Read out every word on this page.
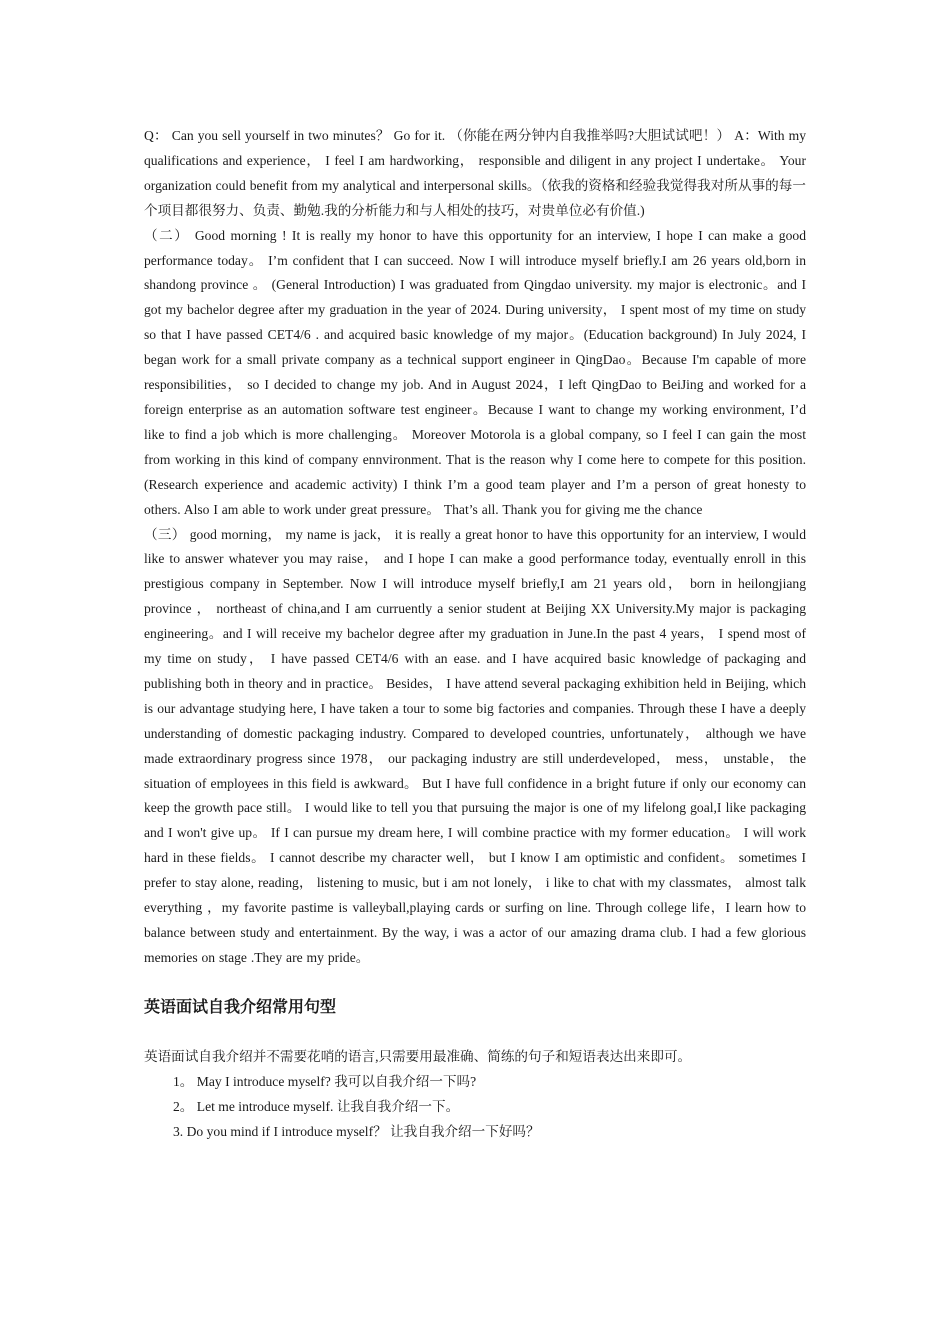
Q： Can you sell yourself in two minutes？ Go for it. （你能在两分钟内自我推举吗?大胆试试吧！） A：With my qualifications and experience， I feel I am hardworking， responsible and diligent in any project I undertake。 Your organization could benefit from my analytical and interpersonal skills。（依我的资格和经验我觉得我对所从事的每一个项目都很努力、负责、勤勉.我的分析能力和与人相处的技巧，对贵单位必有价值.)

（二） Good morning ! It is really my honor to have this opportunity for an interview, I hope I can make a good performance today。 I’m confident that I can succeed. Now I will introduce myself briefly.I am 26 years old,born in shandong province 。 (General Introduction) I was graduated from Qingdao university. my major is electronic。and I got my bachelor degree after my graduation in the year of 2024. During university， I spent most of my time on study so that I have passed CET4/6 . and acquired basic knowledge of my major。(Education background) In July 2024, I began work for a small private company as a technical support engineer in QingDao。Because I'm capable of more responsibilities， so I decided to change my job. And in August 2024，I left QingDao to BeiJing and worked for a foreign enterprise as an automation software test engineer。Because I want to change my working environment, I’d like to find a job which is more challenging。 Moreover Motorola is a global company, so I feel I can gain the most from working in this kind of company ennvironment. That is the reason why I come here to compete for this position. (Research experience and academic activity) I think I’m a good team player and I’m a person of great honesty to others. Also I am able to work under great pressure。 That’s all. Thank you for giving me the chance

（三） good morning， my name is jack， it is really a great honor to have this opportunity for an interview, I would like to answer whatever you may raise， and I hope I can make a good performance today, eventually enroll in this prestigious company in September. Now I will introduce myself briefly,I am 21 years old， born in heilongjiang province ， northeast of china,and I am curruently a senior student at Beijing XX University.My major is packaging engineering。and I will receive my bachelor degree after my graduation in June.In the past 4 years， I spend most of my time on study， I have passed CET4/6 with an ease. and I have acquired basic knowledge of packaging and publishing both in theory and in practice。 Besides， I have attend several packaging exhibition held in Beijing, which is our advantage studying here, I have taken a tour to some big factories and companies. Through these I have a deeply understanding of domestic packaging industry. Compared to developed countries, unfortunately， although we have made extraordinary progress since 1978， our packaging industry are still underdeveloped， mess， unstable， the situation of employees in this field is awkward。 But I have full confidence in a bright future if only our economy can keep the growth pace still。 I would like to tell you that pursuing the major is one of my lifelong goal,I like packaging and I won't give up。 If I can pursue my dream here, I will combine practice with my former education。 I will work hard in these fields。 I cannot describe my character well， but I know I am optimistic and confident。 sometimes I prefer to stay alone, reading， listening to music, but i am not lonely， i like to chat with my classmates， almost talk everything ，my favorite pastime is valleyball,playing cards or surfing on line. Through college life，I learn how to balance between study and entertainment. By the way, i was a actor of our amazing drama club. I had a few glorious memories on stage .They are my pride。

英语面试自我介绍常用句型

英语面试自我介绍并不需要花哨的语言,只需要用最准确、简练的句子和短语表达出来即可。

1。 May I introduce myself? 我可以自我介绍一下吗?
2。 Let me introduce myself. 让我自我介绍一下。
3. Do you mind if I introduce myself？ 让我自我介绍一下好吗？
